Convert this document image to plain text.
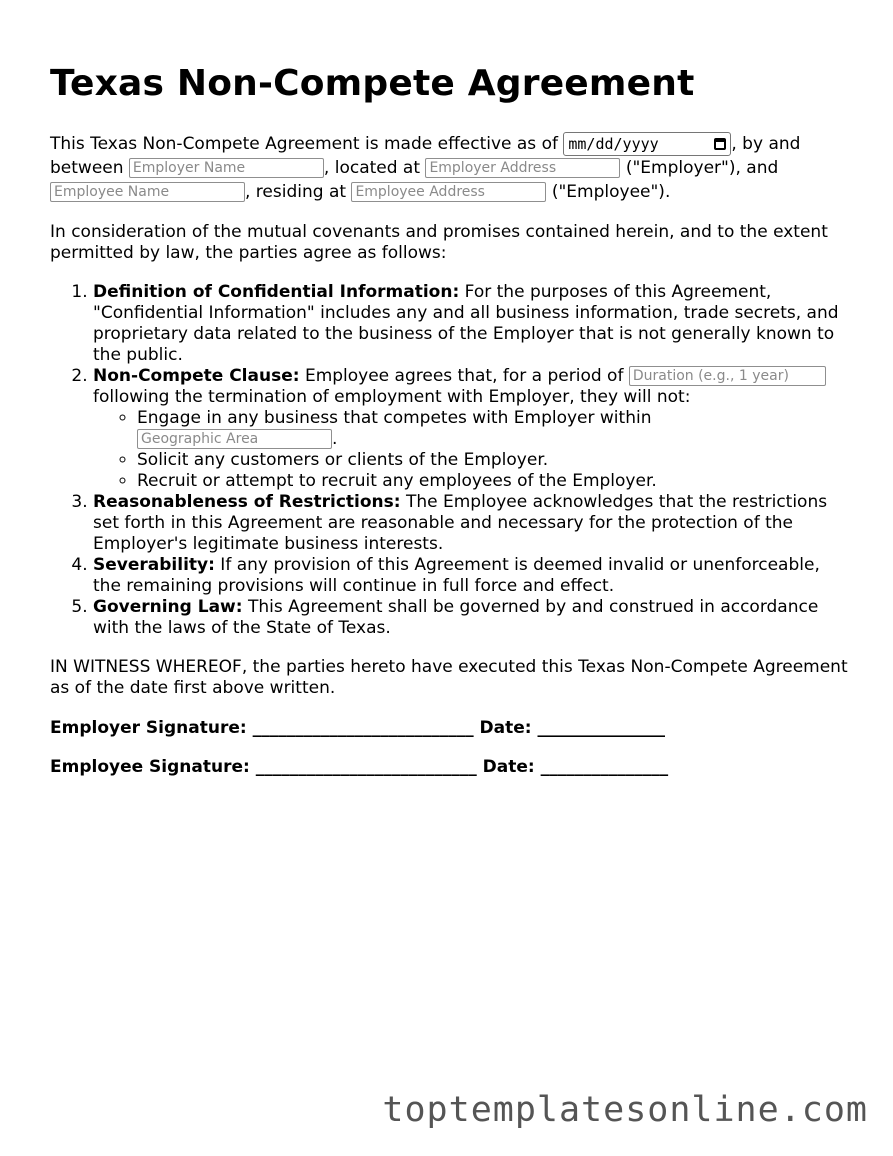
Texas Non-Compete Agreement

This Texas Non-Compete Agreement is made effective as of mm/dd/yyyy	, by and between Employer Name	, located at Employer Address	("Employer"), and Employee Name, residing at Employee Address	("Employee").

In consideration of the mutual covenants and promises contained herein, and to the extent permitted by law, the parties agree as follows:

1. Definition of Confidential Information: For the purposes of this Agreement, "Confidential Information" includes any and all business information, trade secrets, and proprietary data related to the business of the Employer that is not generally known to the public.
2. Non-Compete Clause: Employee agrees that, for a period of Duration (e.g., 1 year) following the termination of employment with Employer, they will not:
◦ Engage in any business that competes with Employer within Geographic Area.
◦ Solicit any customers or clients of the Employer.
◦ Recruit or attempt to recruit any employees of the Employer.
3. Reasonableness of Restrictions: The Employee acknowledges that the restrictions set forth in this Agreement are reasonable and necessary for the protection of the Employer's legitimate business interests.
4. Severability: If any provision of this Agreement is deemed invalid or unenforceable, the remaining provisions will continue in full force and effect.
5. Governing Law: This Agreement shall be governed by and construed in accordance with the laws of the State of Texas.

IN WITNESS WHEREOF, the parties hereto have executed this Texas Non-Compete Agreement as of the date first above written.

Employer Signature: __________________________ Date: _______________
Employee Signature: __________________________ Date: _______________
toptemplatesonline.com
